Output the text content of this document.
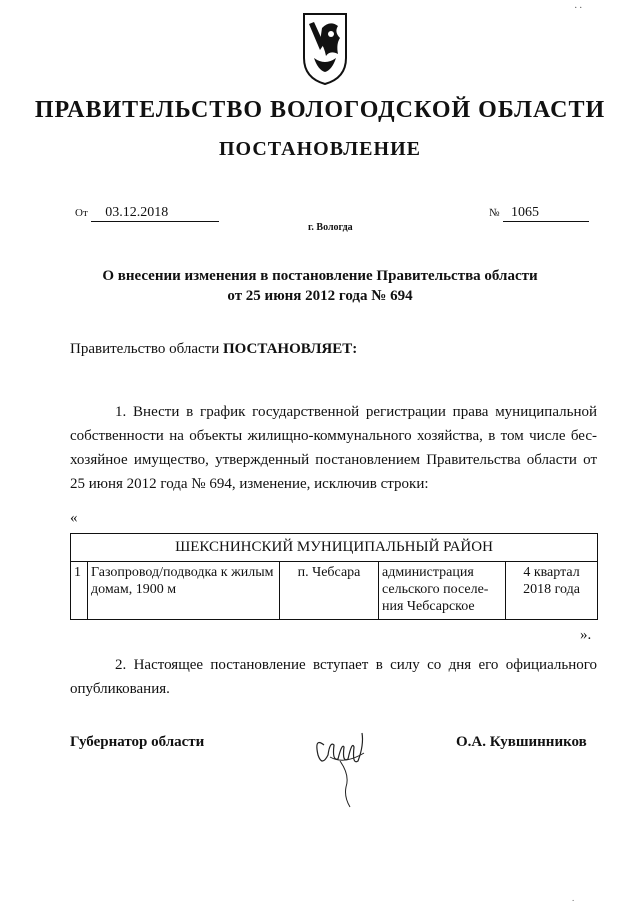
. .
ПРАВИТЕЛЬСТВО ВОЛОГОДСКОЙ ОБЛАСТИ
ПОСТАНОВЛЕНИЕ
От 03.12.2018	№ 1065
г. Вологда
О внесении изменения в постановление Правительства области
от 25 июня 2012 года № 694
Правительство области ПОСТАНОВЛЯЕТ:
1. Внести в график государственной регистрации права муниципальной
собственности на объекты жилищно-коммунального хозяйства, в том числе бес-
хозяйное имущество, утвержденный постановлением Правительства области от
25 июня 2012 года № 694, изменение, исключив строки:
«
ШЕКСНИНСКИЙ МУНИЦИПАЛЬНЫЙ РАЙОН
1	Газопровод/подводка к жилым домам, 1900 м	п. Чебсара	администрация сельского поселе-ния Чебсарское	4 квартал 2018 года
».
2. Настоящее постановление вступает в силу со дня его официального
опубликования.
Губернатор области	О.А. Кувшинников
.
